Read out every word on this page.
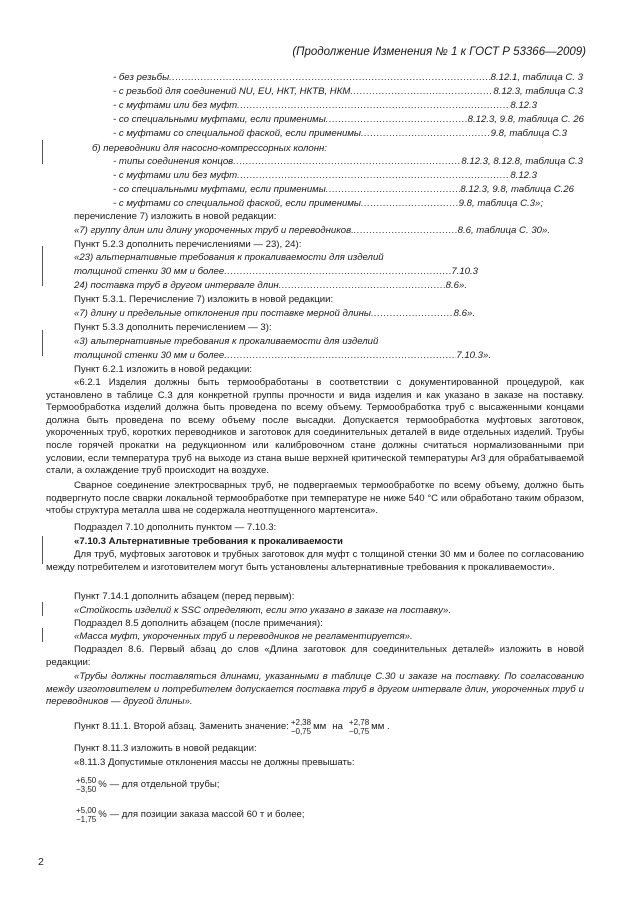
(Продолжение Изменения № 1 к ГОСТ Р 53366—2009)
- без резьбы .....	8.12.1, таблица С. 3
- с резьбой для соединений NU, EU, НКТ, НКТВ, НКМ .....	8.12.3, таблица С.3
- с муфтами или без муфт .....	8.12.3
- со специальными муфтами, если применимы .....	8.12.3, 9.8, таблица С. 26
- с муфтами со специальной фаской, если применимы .....	9.8, таблица С.3
б) переводники для насосно-компрессорных колонн:
- типы соединения концов .....	8.12.3, 8.12.8, таблица С.3
- с муфтами или без муфт .....	8.12.3
- со специальными муфтами, если применимы .....	8.12.3, 9.8, таблица С.26
- с муфтами со специальной фаской, если применимы .....	9.8, таблица С.3»;
перечисление 7) изложить в новой редакции:
«7) группу длин или длину укороченных труб и переводников. .....	8.6, таблица С. 30».
Пункт 5.2.3 дополнить перечислениями — 23), 24):
«23) альтернативные требования к прокаливаемости для изделий
толщиной стенки 30 мм и более .....	7.10.3
24) поставка труб в другом интервале длин .....	8.6».
Пункт 5.3.1. Перечисление 7) изложить в новой редакции:
«7) длину и предельные отклонения при поставке мерной длины .....	8.6».
Пункт 5.3.3 дополнить перечислением — 3):
«3) альтернативные требования к прокаливаемости для изделий
толщиной стенки 30 мм и более .....	7.10.3».
Пункт 6.2.1 изложить в новой редакции:
«6.2.1 Изделия должны быть термообработаны в соответствии с документированной процедурой, как установлено в таблице С.3 для конкретной группы прочности и вида изделия и как указано в заказе на поставку. Термообработка изделий должна быть проведена по всему объему. Термообработка труб с высаженными концами должна быть проведена по всему объему после высадки. Допускается термообработка муфтовых заготовок, укороченных труб, коротких переводников и заготовок для соединительных деталей в виде отдельных изделий. Трубы после горячей прокатки на редукционном или калибровочном стане должны считаться нормализованными при условии, если температура труб на выходе из стана выше верхней критической температуры Ar3 для обрабатываемой стали, а охлаждение труб происходит на воздухе.
Сварное соединение электросварных труб, не подвергаемых термообработке по всему объему, должно быть подвергнуто после сварки локальной термообработке при температуре не ниже 540 °С или обработано таким образом, чтобы структура металла шва не содержала неотпущенного мартенсита».
Подраздел 7.10 дополнить пунктом — 7.10.3:
«7.10.3 Альтернативные требования к прокаливаемости
Для труб, муфтовых заготовок и трубных заготовок для муфт с толщиной стенки 30 мм и более по согласованию между потребителем и изготовителем могут быть установлены альтернативные требования к прокаливаемости».
Пункт 7.14.1 дополнить абзацем (перед первым):
«Стойкость изделий к SSC определяют, если это указано в заказе на поставку».
Подраздел 8.5 дополнить абзацем (после примечания):
«Масса муфт, укороченных труб и переводников не регламентируется».
Подраздел 8.6. Первый абзац до слов «Длина заготовок для соединительных деталей» изложить в новой редакции:
«Трубы должны поставляться длинами, указанными в таблице С.30 и заказе на поставку. По согласованию между изготовителем и потребителем допускается поставка труб в другом интервале длин, укороченных труб и переводников — другой длины».
Пункт 8.11.1. Второй абзац. Заменить значение: +2,38
−0,75 мм на +2,78
−0,75 мм .
Пункт 8.11.3 изложить в новой редакции:
«8.11.3 Допустимые отклонения массы не должны превышать:
+6,50
−3,50 % — для отдельной трубы;
+5,00
−1,75 % — для позиции заказа массой 60 т и более;
2
